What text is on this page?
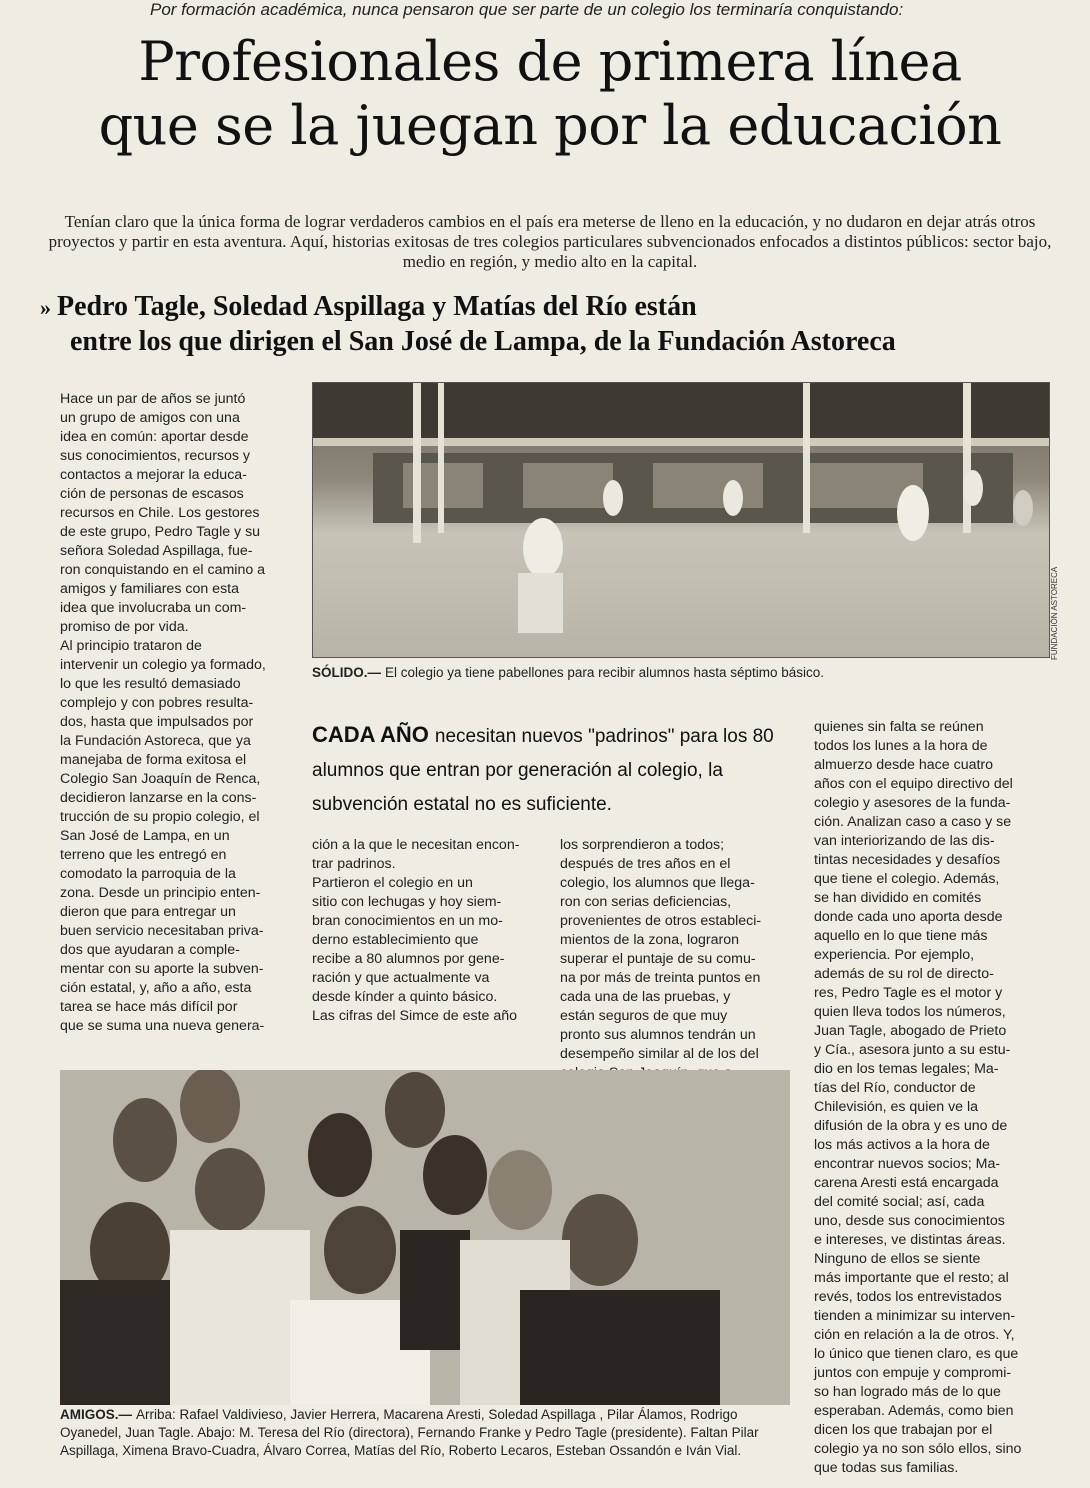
Por formación académica, nunca pensaron que ser parte de un colegio los terminaría conquistando:
Profesionales de primera línea
que se la juegan por la educación
Tenían claro que la única forma de lograr verdaderos cambios en el país era meterse de lleno en la educación, y no dudaron en dejar atrás otros proyectos y partir en esta aventura. Aquí, historias exitosas de tres colegios particulares subvencionados enfocados a distintos públicos: sector bajo, medio en región, y medio alto en la capital.
» Pedro Tagle, Soledad Aspillaga y Matías del Río están
entre los que dirigen el San José de Lampa, de la Fundación Astoreca
Hace un par de años se juntó
un grupo de amigos con una
idea en común: aportar desde
sus conocimientos, recursos y
contactos a mejorar la educa-
ción de personas de escasos
recursos en Chile. Los gestores
de este grupo, Pedro Tagle y su
señora Soledad Aspillaga, fue-
ron conquistando en el camino a
amigos y familiares con esta
idea que involucraba un com-
promiso de por vida.
Al principio trataron de
intervenir un colegio ya formado,
lo que les resultó demasiado
complejo y con pobres resulta-
dos, hasta que impulsados por
la Fundación Astoreca, que ya
manejaba de forma exitosa el
Colegio San Joaquín de Renca,
decidieron lanzarse en la cons-
trucción de su propio colegio, el
San José de Lampa, en un
terreno que les entregó en
comodato la parroquia de la
zona. Desde un principio enten-
dieron que para entregar un
buen servicio necesitaban priva-
dos que ayudaran a comple-
mentar con su aporte la subven-
ción estatal, y, año a año, esta
tarea se hace más difícil por
que se suma una nueva genera-
FUNDACIÓN ASTORECA
SÓLIDO.— El colegio ya tiene pabellones para recibir alumnos hasta séptimo básico.
CADA AÑO necesitan nuevos "padrinos" para los 80 alumnos que entran por generación al colegio, la subvención estatal no es suficiente.
ción a la que le necesitan encon-
trar padrinos.
Partieron el colegio en un
sitio con lechugas y hoy siem-
bran conocimientos en un mo-
derno establecimiento que
recibe a 80 alumnos por gene-
ración y que actualmente va
desde kínder a quinto básico.
Las cifras del Simce de este año
los sorprendieron a todos;
después de tres años en el
colegio, los alumnos que llega-
ron con serias deficiencias,
provenientes de otros estableci-
mientos de la zona, lograron
superar el puntaje de su comu-
na por más de treinta puntos en
cada una de las pruebas, y
están seguros de que muy
pronto sus alumnos tendrán un
desempeño similar al de los del

quienes sin falta se reúnen
todos los lunes a la hora de
almuerzo desde hace cuatro
años con el equipo directivo del
colegio y asesores de la funda-
ción. Analizan caso a caso y se
van interiorizando de las dis-
tintas necesidades y desafíos
que tiene el colegio. Además,
se han dividido en comités
donde cada uno aporta desde
aquello en lo que tiene más
experiencia. Por ejemplo,
además de su rol de directo-
res, Pedro Tagle es el motor y
quien lleva todos los números,
Juan Tagle, abogado de Prieto
y Cía., asesora junto a su estu-
dio en los temas legales; Ma-
tías del Río, conductor de
Chilevisión, es quien ve la
difusión de la obra y es uno de
los más activos a la hora de
encontrar nuevos socios; Ma-
carena Aresti está encargada
del comité social; así, cada
uno, desde sus conocimientos
e intereses, ve distintas áreas.
Ninguno de ellos se siente
más importante que el resto; al
revés, todos los entrevistados
tienden a minimizar su interven-
ción en relación a la de otros. Y,
lo único que tienen claro, es que
juntos con empuje y compromi-
so han logrado más de lo que
esperaban. Además, como bien
dicen los que trabajan por el
colegio ya no son sólo ellos, sino
que todas sus familias.
AMIGOS.— Arriba: Rafael Valdivieso, Javier Herrera, Macarena Aresti, Soledad Aspillaga , Pilar Álamos, Rodrigo Oyanedel, Juan Tagle. Abajo: M. Teresa del Río (directora), Fernando Franke y Pedro Tagle (presidente). Faltan Pilar Aspillaga, Ximena Bravo-Cuadra, Álvaro Correa, Matías del Río, Roberto Lecaros, Esteban Ossandón e Iván Vial.
